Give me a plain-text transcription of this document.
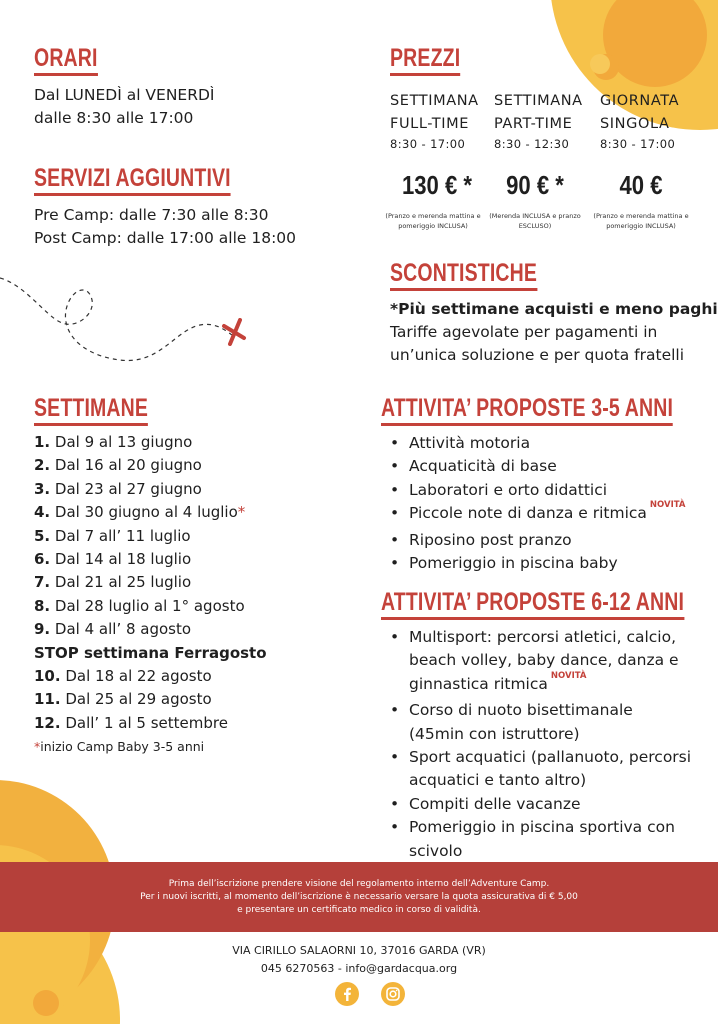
ORARI
Dal LUNEDÌ al VENERDÌ
dalle 8:30 alle 17:00
SERVIZI AGGIUNTIVI
Pre Camp: dalle 7:30 alle 8:30
Post Camp: dalle 17:00 alle 18:00
PREZZI
SETTIMANA
FULL-TIME
8:30 - 17:00
130 € *
(Pranzo e merenda mattina e pomeriggio INCLUSA)
SETTIMANA
PART-TIME
8:30 - 12:30
90 € *
(Merenda INCLUSA e pranzo ESCLUSO)
GIORNATA
SINGOLA
8:30 - 17:00
40 €
(Pranzo e merenda mattina e pomeriggio INCLUSA)
SCONTISTICHE
*Più settimane acquisti e meno paghi
Tariffe agevolate per pagamenti in
un’unica soluzione e per quota fratelli
SETTIMANE
1. Dal 9 al 13 giugno
2. Dal 16 al 20 giugno
3. Dal 23 al 27 giugno
4. Dal 30 giugno al 4 luglio*
5. Dal 7 all’ 11 luglio
6. Dal 14 al 18 luglio
7. Dal 21 al 25 luglio
8. Dal 28 luglio al 1° agosto
9. Dal 4 all’ 8 agosto
STOP settimana Ferragosto
10. Dal 18 al 22 agosto
11. Dal 25 al 29 agosto
12. Dall’ 1 al 5 settembre
*inizio Camp Baby 3-5 anni
ATTIVITA’ PROPOSTE 3-5 ANNI
• Attività motoria
• Acquaticità di base
• Laboratori e orto didattici
• Piccole note di danza e ritmica $^{NOVITÀ}$
• Riposino post pranzo
• Pomeriggio in piscina baby
ATTIVITA’ PROPOSTE 6-12 ANNI
• Multisport: percorsi atletici, calcio,
beach volley, baby dance, danza e
ginnastica ritmica $^{NOVITÀ}$
• Corso di nuoto bisettimanale
(45min con istruttore)
• Sport acquatici (pallanuoto, percorsi
acquatici e tanto altro)
• Compiti delle vacanze
• Pomeriggio in piscina sportiva con
scivolo
Prima dell’iscrizione prendere visione del regolamento interno dell’Adventure Camp.
Per i nuovi iscritti, al momento dell’iscrizione è necessario versare la quota assicurativa di € 5,00
e presentare un certificato medico in corso di validità.
VIA CIRILLO SALAORNI 10, 37016 GARDA (VR)
045 6270563 - info@gardacqua.org
